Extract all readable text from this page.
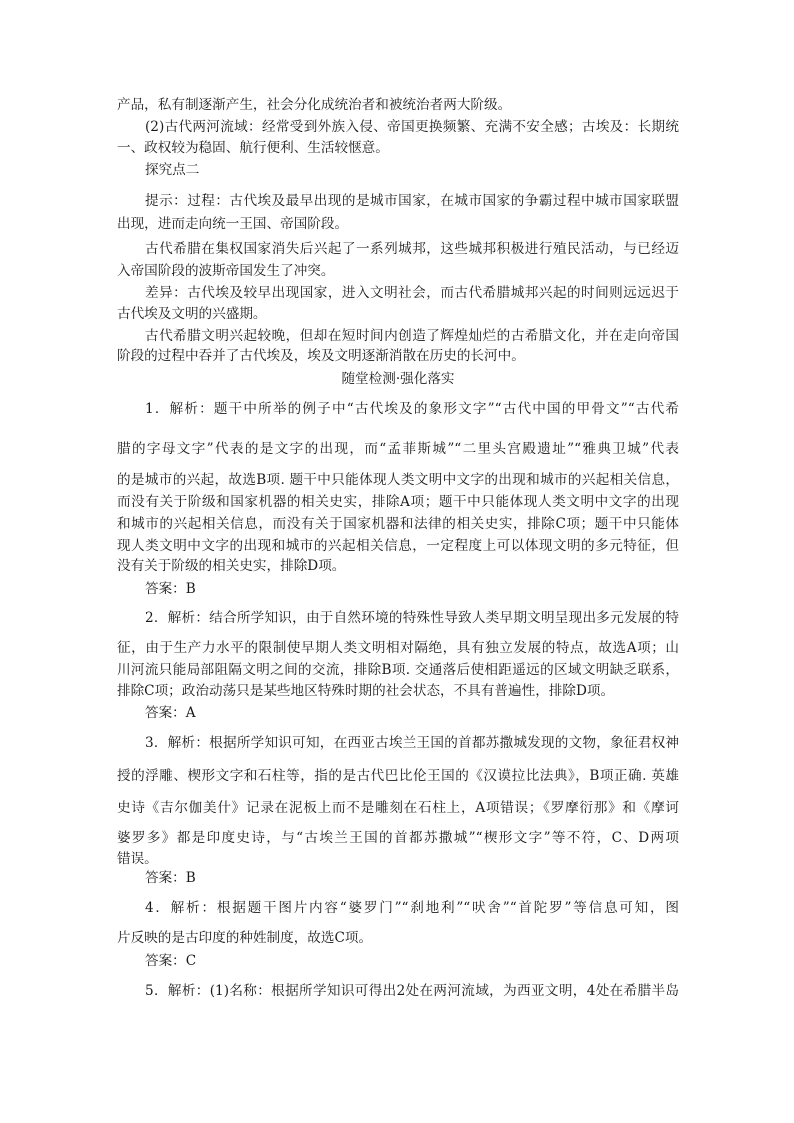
产品，私有制逐渐产生，社会分化成统治者和被统治者两大阶级。
(2)古代两河流域：经常受到外族入侵、帝国更换频繁、充满不安全感；古埃及：长期统
一、政权较为稳固、航行便利、生活较惬意。
探究点二
提示：过程：古代埃及最早出现的是城市国家，在城市国家的争霸过程中城市国家联盟
出现，进而走向统一王国、帝国阶段。
古代希腊在集权国家消失后兴起了一系列城邦，这些城邦积极进行殖民活动，与已经迈
入帝国阶段的波斯帝国发生了冲突。
差异：古代埃及较早出现国家，进入文明社会，而古代希腊城邦兴起的时间则远远迟于
古代埃及文明的兴盛期。
古代希腊文明兴起较晚，但却在短时间内创造了辉煌灿烂的古希腊文化，并在走向帝国
阶段的过程中吞并了古代埃及，埃及文明逐渐消散在历史的长河中。
随堂检测·强化落实
1．解析：题干中所举的例子中“古代埃及的象形文字”“古代中国的甲骨文”“古代希
腊的字母文字”代表的是文字的出现，而“孟菲斯城”“二里头宫殿遗址”“雅典卫城”代表
的是城市的兴起，故选B项. 题干中只能体现人类文明中文字的出现和城市的兴起相关信息，
而没有关于阶级和国家机器的相关史实，排除A项；题干中只能体现人类文明中文字的出现
和城市的兴起相关信息，而没有关于国家机器和法律的相关史实，排除C项；题干中只能体
现人类文明中文字的出现和城市的兴起相关信息，一定程度上可以体现文明的多元特征，但
没有关于阶级的相关史实，排除D项。
答案：B
2．解析：结合所学知识，由于自然环境的特殊性导致人类早期文明呈现出多元发展的特
征，由于生产力水平的限制使早期人类文明相对隔绝，具有独立发展的特点，故选A项；山
川河流只能局部阻隔文明之间的交流，排除B项. 交通落后使相距遥远的区域文明缺乏联系，
排除C项；政治动荡只是某些地区特殊时期的社会状态，不具有普遍性，排除D项。
答案：A
3．解析：根据所学知识可知，在西亚古埃兰王国的首都苏撒城发现的文物，象征君权神
授的浮雕、楔形文字和石柱等，指的是古代巴比伦王国的《汉谟拉比法典》，B项正确. 英雄
史诗《吉尔伽美什》记录在泥板上而不是雕刻在石柱上，A项错误；《罗摩衍那》和《摩诃
婆罗多》都是印度史诗，与“古埃兰王国的首都苏撒城”“楔形文字”等不符，C、D两项
错误。
答案：B
4．解析：根据题干图片内容“婆罗门”“刹地利”“吠舍”“首陀罗”等信息可知，图
片反映的是古印度的种姓制度，故选C项。
答案：C
5．解析：(1)名称：根据所学知识可得出2处在两河流域，为西亚文明，4处在希腊半岛
